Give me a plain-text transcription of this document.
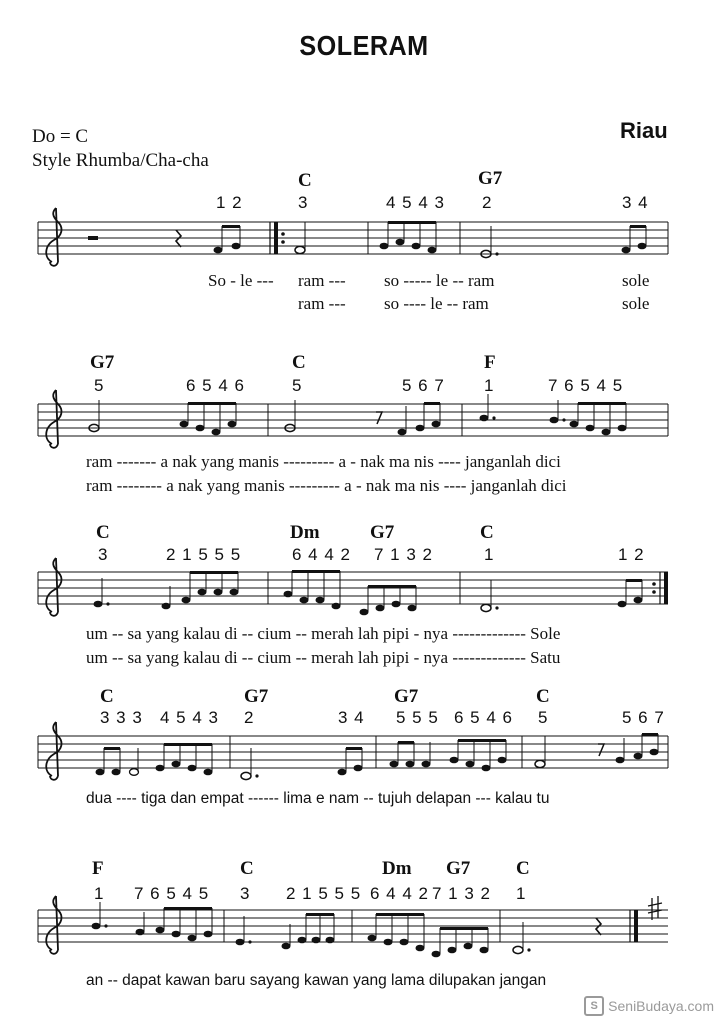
SOLERAM
Do = C
Style Rhumba/Cha-cha
Riau
C	G7
1 2	3	4 5 4 3 2	3 4
So - le --- ram --- so ----- le -- ram	sole
ram --- so ---- le -- ram	sole
G7	C	F
5	6 5 4 6	5	5 6 7 1	7 6 5 4 5
ram ------- a nak yang manis --------- a - nak ma nis ---- janganlah dici
ram -------- a nak yang manis --------- a - nak ma nis ---- janganlah dici
C	Dm	G7	C
3	2 1 5 5 5	6 4 4 2 7 1 3 2	1	1 2
um -- sa yang kalau di -- cium -- merah lah pipi - nya ------------- Sole
um -- sa yang kalau di -- cium -- merah lah pipi - nya ------------- Satu
C	G7	G7	C
3 3 3 4 5 4 3 2	3 4 5 5 5 6 5 4 6 5	5 6 7
dua ---- tiga dan empat ------ lima e nam -- tujuh delapan --- kalau tu
F	C	Dm G7 C
1 7 6 5 4 5 3 2 1 5 5 5 6 4 4 2 7 1 3 2 1
an -- dapat kawan baru sayang kawan yang lama dilupakan jangan
S SeniBudaya.com
